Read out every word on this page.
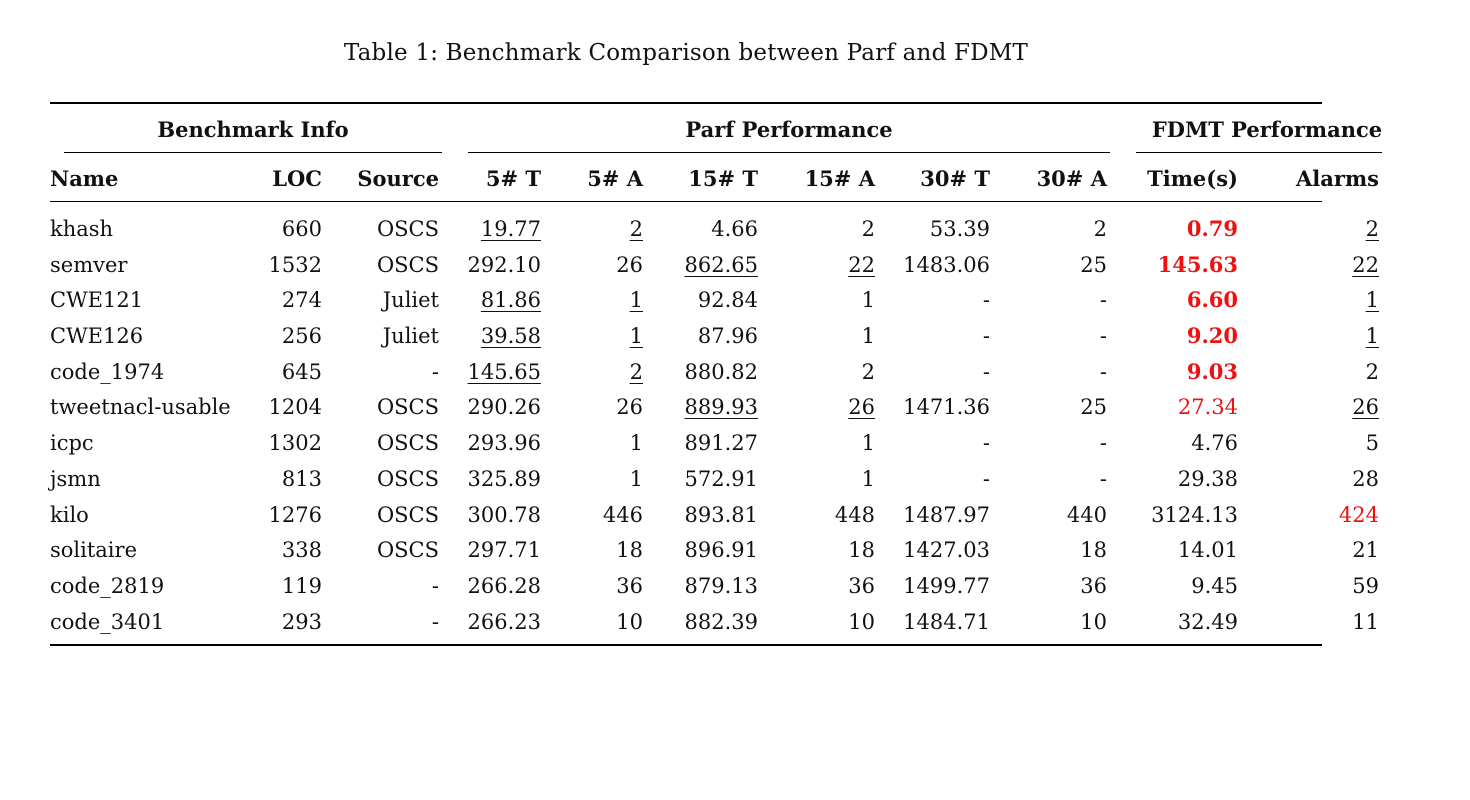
Table 1: Benchmark Comparison between Parf and FDMT
Benchmark Info	Parf Performance	FDMT Performance
Name	LOC	Source	5# T	5# A	15# T	15# A	30# T	30# A	Time(s)	Alarms
khash	660	OSCS	19.77	2	4.66	2	53.39	2	0.79	2
semver	1532	OSCS	292.10	26	862.65	22	1483.06	25	145.63	22
CWE121	274	Juliet	81.86	1	92.84	1	-	-	6.60	1
CWE126	256	Juliet	39.58	1	87.96	1	-	-	9.20	1
code_1974	645	-	145.65	2	880.82	2	-	-	9.03	2
tweetnacl-usable	1204	OSCS	290.26	26	889.93	26	1471.36	25	27.34	26
icpc	1302	OSCS	293.96	1	891.27	1	-	-	4.76	5
jsmn	813	OSCS	325.89	1	572.91	1	-	-	29.38	28
kilo	1276	OSCS	300.78	446	893.81	448	1487.97	440	3124.13	424
solitaire	338	OSCS	297.71	18	896.91	18	1427.03	18	14.01	21
code_2819	119	-	266.28	36	879.13	36	1499.77	36	9.45	59
code_3401	293	-	266.23	10	882.39	10	1484.71	10	32.49	11
